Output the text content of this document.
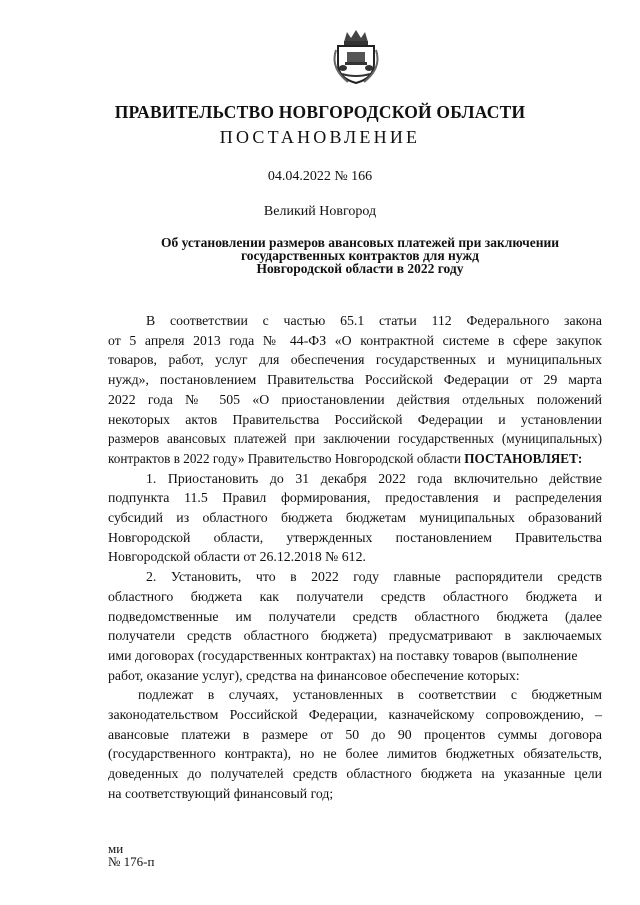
ПРАВИТЕЛЬСТВО НОВГОРОДСКОЙ ОБЛАСТИ
ПОСТАНОВЛЕНИЕ
04.04.2022 № 166
Великий Новгород
Об установлении размеров авансовых платежей при заключении
государственных контрактов для нужд
Новгородской области в 2022 году
В соответствии с частью 65.1 статьи 112 Федерального закона
от 5 апреля 2013 года № 44-ФЗ «О контрактной системе в сфере закупок
товаров, работ, услуг для обеспечения государственных и муниципальных
нужд», постановлением Правительства Российской Федерации от 29 марта
2022 года № 505 «О приостановлении действия отдельных положений
некоторых актов Правительства Российской Федерации и установлении
размеров авансовых платежей при заключении государственных (муниципальных)
контрактов в 2022 году» Правительство Новгородской области ПОСТАНОВЛЯЕТ:
1. Приостановить до 31 декабря 2022 года включительно действие
подпункта 11.5 Правил формирования, предоставления и распределения
субсидий из областного бюджета бюджетам муниципальных образований
Новгородской области, утвержденных постановлением Правительства
Новгородской области от 26.12.2018 № 612.
2. Установить, что в 2022 году главные распорядители средств
областного бюджета как получатели средств областного бюджета и
подведомственные им получатели средств областного бюджета (далее
получатели средств областного бюджета) предусматривают в заключаемых
ими договорах (государственных контрактах) на поставку товаров (выполнение
работ, оказание услуг), средства на финансовое обеспечение которых:
подлежат в случаях, установленных в соответствии с бюджетным
законодательством Российской Федерации, казначейскому сопровождению, –
авансовые платежи в размере от 50 до 90 процентов суммы договора
(государственного контракта), но не более лимитов бюджетных обязательств,
доведенных до получателей средств областного бюджета на указанные цели
на соответствующий финансовый год;
ми
№ 176-п
